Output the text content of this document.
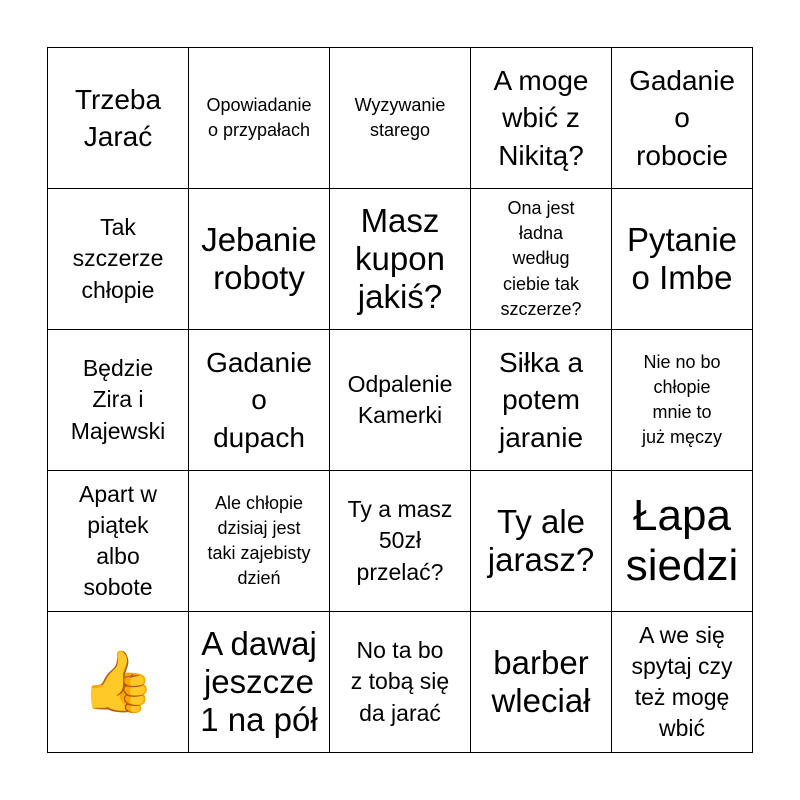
Trzeba
Jarać
Opowiadanie
o przypałach
Wyzywanie
starego
A moge
wbić z
Nikitą?
Gadanie
o
robocie
Tak
szczerze
chłopie
Jebanie
roboty
Masz
kupon
jakiś?
Ona jest
ładna
według
ciebie tak
szczerze?
Pytanie
o Imbe
Będzie
Zira i
Majewski
Gadanie
o
dupach
Odpalenie
Kamerki
Siłka a
potem
jaranie
Nie no bo
chłopie
mnie to
już męczy
Apart w
piątek
albo
sobote
Ale chłopie
dzisiaj jest
taki zajebisty
dzień
Ty a masz
50zł
przelać?
Ty ale
jarasz?
Łapa
siedzi
👍
A dawaj
jeszcze
1 na pół
No ta bo
z tobą się
da jarać
barber
wleciał
A we się
spytaj czy
też mogę
wbić
